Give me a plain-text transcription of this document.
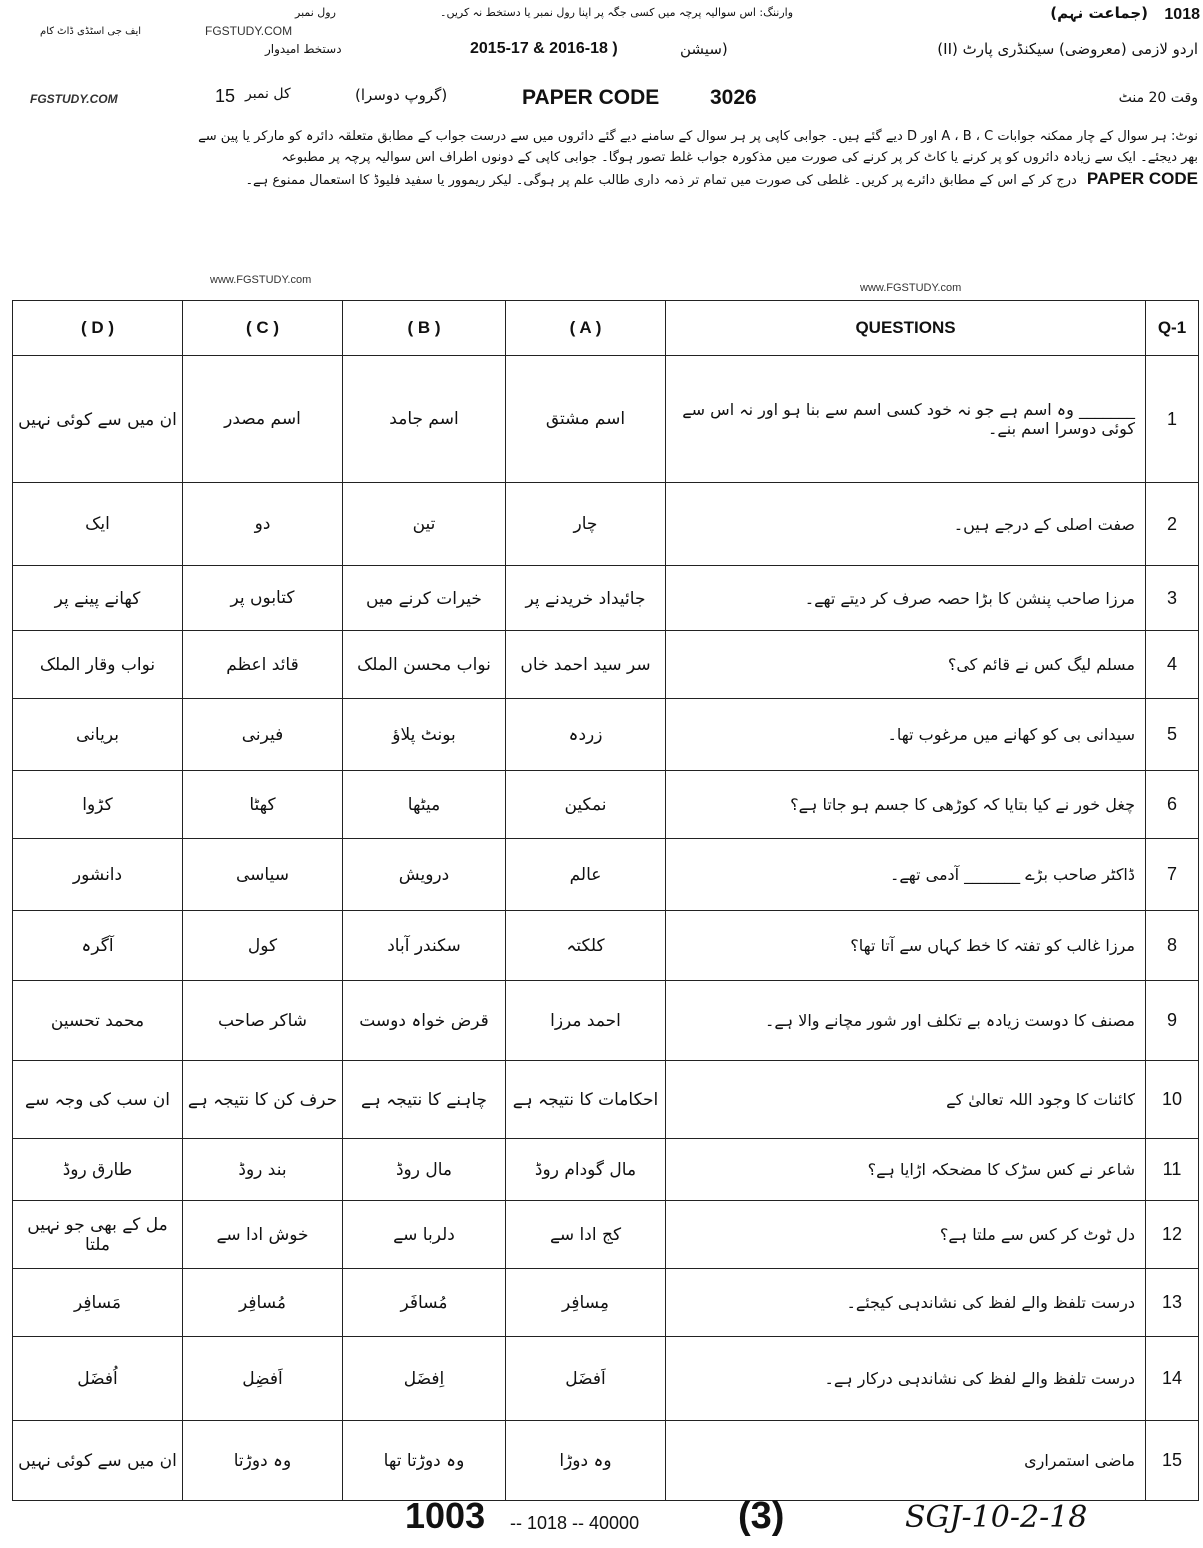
1018
(جماعت نہم)
وارننگ: اس سوالیہ پرچہ میں کسی جگہ پر اپنا رول نمبر یا دستخط نہ کریں۔
رول نمبر
ایف جی اسٹڈی ڈاٹ کام	FGSTUDY.COM
دستخط امیدوار	2015-17 & 2016-18 )	(سیشن	اردو لازمی (معروضی) سیکنڈری پارٹ (II)
FGSTUDY.COM	15 کل نمبر	(گروپ دوسرا)	PAPER CODE 3026	وقت 20 منٹ
نوٹ: ہر سوال کے چار ممکنہ جوابات A ، B ، C اور D دیے گئے ہیں۔ جوابی کاپی پر ہر سوال کے سامنے دیے گئے دائروں میں سے درست جواب کے مطابق متعلقہ دائرہ کو مارکر یا پین سے
بھر دیجئے۔ ایک سے زیادہ دائروں کو پر کرنے یا کاٹ کر پر کرنے کی صورت میں مذکورہ جواب غلط تصور ہوگا۔ جوابی کاپی کے دونوں اطراف اس سوالیہ پرچہ پر مطبوعہ
PAPER CODEدرج کر کے اس کے مطابق دائرے پر کریں۔ غلطی کی صورت میں تمام تر ذمہ داری طالب علم پر ہوگی۔ لیکر ریموور یا سفید فلیوڈ کا استعمال ممنوع ہے۔
www.FGSTUDY.com
www.FGSTUDY.com
( D )	( C )	( B )	( A )	QUESTIONS	Q-1
ان میں سے کوئی نہیں	اسم مصدر	اسم جامد	اسم مشتق	_______ وہ اسم ہے جو نہ خود کسی اسم سے بنا ہو اور نہ اس سے کوئی دوسرا اسم بنے۔	1
ایک	دو	تین	چار	صفت اصلی کے درجے ہیں۔	2
کھانے پینے پر	کتابوں پر	خیرات کرنے میں	جائیداد خریدنے پر	مرزا صاحب پنشن کا بڑا حصہ صرف کر دیتے تھے۔	3
نواب وقار الملک	قائد اعظم	نواب محسن الملک	سر سید احمد خاں	مسلم لیگ کس نے قائم کی؟	4
بریانی	فیرنی	بونٹ پلاؤ	زردہ	سیدانی بی کو کھانے میں مرغوب تھا۔	5
کڑوا	کھٹا	میٹھا	نمکین	چغل خور نے کیا بتایا کہ کوڑھی کا جسم ہو جاتا ہے؟	6
دانشور	سیاسی	درویش	عالم	ڈاکٹر صاحب بڑے _______ آدمی تھے۔	7
آگرہ	کول	سکندر آباد	کلکتہ	مرزا غالب کو تفتہ کا خط کہاں سے آتا تھا؟	8
محمد تحسین	شاکر صاحب	قرض خواہ دوست	احمد مرزا	مصنف کا دوست زیادہ بے تکلف اور شور مچانے والا ہے۔	9
ان سب کی وجہ سے	حرف کن کا نتیجہ ہے	چاہنے کا نتیجہ ہے	احکامات کا نتیجہ ہے	کائنات کا وجود اللہ تعالیٰ کے	10
طارق روڈ	بند روڈ	مال روڈ	مال گودام روڈ	شاعر نے کس سڑک کا مضحکہ اڑایا ہے؟	11
مل کے بھی جو نہیں ملتا	خوش ادا سے	دلربا سے	کج ادا سے	دل ٹوٹ کر کس سے ملتا ہے؟	12
مَسافِر	مُسافِر	مُسافَر	مِسافِر	درست تلفظ والے لفظ کی نشاندہی کیجئے۔	13
اُفضَل	اَفضِل	اِفضَل	اَفضَل	درست تلفظ والے لفظ کی نشاندہی درکار ہے۔	14
ان میں سے کوئی نہیں	وہ دوڑتا	وہ دوڑتا تھا	وہ دوڑا	ماضی استمراری	15
1003 -- 1018 -- 40000	(3)	SGJ-10-2-18
